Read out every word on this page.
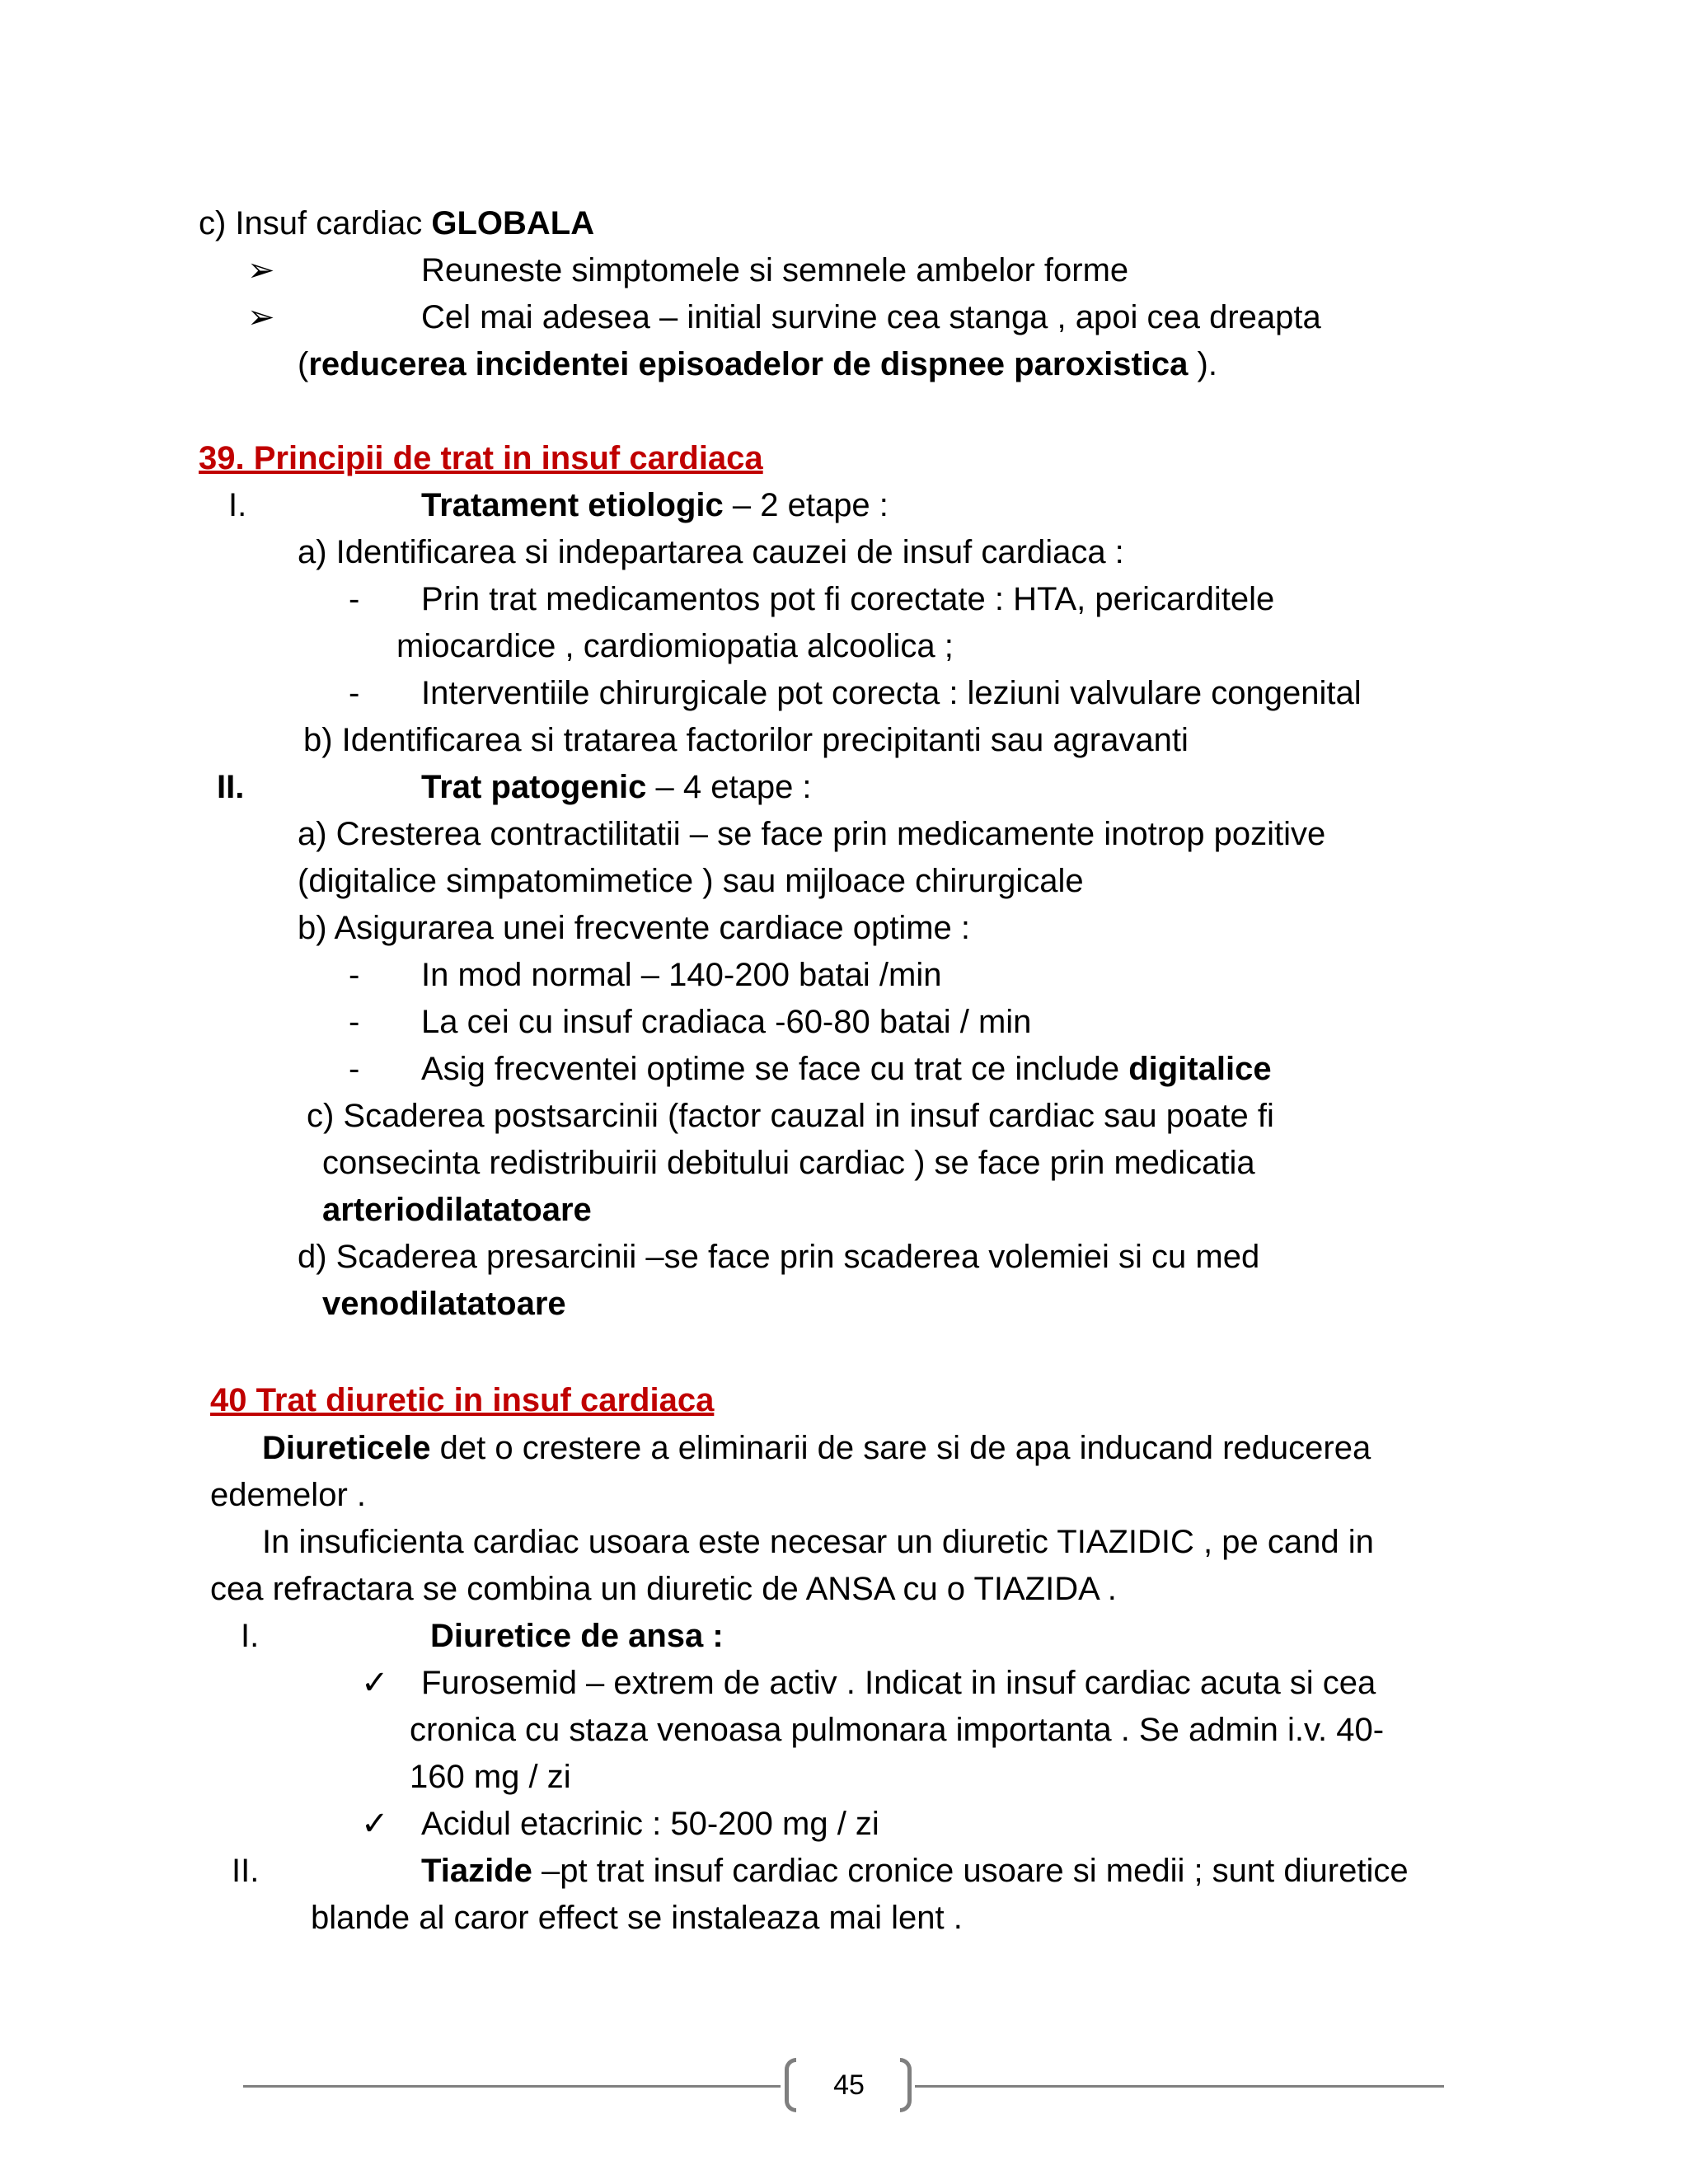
c) Insuf cardiac GLOBALA
➢	Reuneste simptomele si semnele ambelor forme
➢	Cel mai adesea – initial survine cea stanga , apoi cea dreapta
(reducerea incidentei episoadelor de dispnee paroxistica ).
39. Principii de trat in insuf cardiaca
I.	Tratament etiologic – 2 etape :
a) Identificarea si indepartarea cauzei de insuf cardiaca :
- Prin trat medicamentos pot fi corectate : HTA, pericarditele
miocardice , cardiomiopatia alcoolica ;
- Interventiile chirurgicale pot corecta : leziuni valvulare congenital
b) Identificarea si tratarea factorilor precipitanti sau agravanti
II.	Trat patogenic – 4 etape :
a) Cresterea contractilitatii – se face prin medicamente inotrop pozitive
(digitalice simpatomimetice ) sau mijloace chirurgicale
b) Asigurarea unei frecvente cardiace optime :
- In mod normal – 140-200 batai /min
- La cei cu insuf cradiaca -60-80 batai / min
- Asig frecventei optime se face cu trat ce include digitalice
c) Scaderea postsarcinii (factor cauzal in insuf cardiac sau poate fi
consecinta redistribuirii debitului cardiac ) se face prin medicatia
arteriodilatatoare
d) Scaderea presarcinii –se face prin scaderea volemiei si cu med
venodilatatoare
40 Trat diuretic in insuf cardiaca
Diureticele det o crestere a eliminarii de sare si de apa inducand reducerea
edemelor .
In insuficienta cardiac usoara este necesar un diuretic TIAZIDIC , pe cand in
cea refractara se combina un diuretic de ANSA cu o TIAZIDA .
I.	Diuretice de ansa :
✓ Furosemid – extrem de activ . Indicat in insuf cardiac acuta si cea
cronica cu staza venoasa pulmonara importanta . Se admin i.v. 40-
160 mg / zi
✓ Acidul etacrinic : 50-200 mg / zi
II.	Tiazide –pt trat insuf cardiac cronice usoare si medii ; sunt diuretice
blande al caror effect se instaleaza mai lent .
45
